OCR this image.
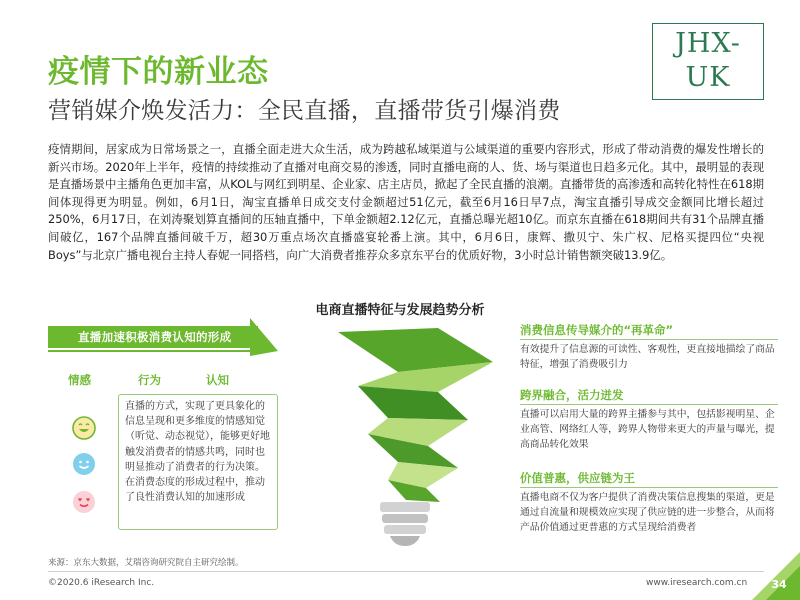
疫情下的新业态
营销媒介焕发活力：全民直播，直播带货引爆消费
JHX-
UK

疫情期间，居家成为日常场景之一，直播全面走进大众生活，成为跨越私域渠道与公域渠道的重要内容形式，形成了带动消费的爆发性增长的新兴市场。2020年上半年，疫情的持续推动了直播对电商交易的渗透，同时直播电商的人、货、场与渠道也日趋多元化。其中，最明显的表现是直播场景中主播角色更加丰富，从KOL与网红到明星、企业家、店主店员，掀起了全民直播的浪潮。直播带货的高渗透和高转化特性在618期间体现得更为明显。例如，6月1日，淘宝直播单日成交支付金额超过51亿元，截至6月16日早7点，淘宝直播引导成交金额同比增长超过250%，6月17日，在刘涛聚划算直播间的压轴直播中，下单金额超2.12亿元，直播总曝光超10亿。而京东直播在618期间共有31个品牌直播间破亿，167个品牌直播间破千万，超30万重点场次直播盛宴轮番上演。其中，6月6日，康辉、撒贝宁、朱广权、尼格买提四位“央视Boys”与北京广播电视台主持人春妮一同搭档，向广大消费者推荐众多京东平台的优质好物，3小时总计销售额突破13.9亿。

电商直播特征与发展趋势分析
直播加速积极消费认知的形成
情感	行为	认知
直播的方式，实现了更具象化的信息呈现和更多维度的情感知觉（听觉、动态视觉），能够更好地触发消费者的情感共鸣，同时也明显推动了消费者的行为决策。在消费态度的形成过程中，推动了良性消费认知的加速形成
消费信息传导媒介的“再革命”
有效提升了信息源的可读性、客观性，更直接地描绘了商品特征，增强了消费吸引力
跨界融合，活力迸发
直播可以启用大量的跨界主播参与其中，包括影视明星、企业高管、网络红人等，跨界人物带来更大的声量与曝光，提高商品转化效果
价值普惠，供应链为王
直播电商不仅为客户提供了消费决策信息搜集的渠道，更是通过自流量和规模效应实现了供应链的进一步整合，从而将产品价值通过更普惠的方式呈现给消费者
来源：京东大数据，艾瑞咨询研究院自主研究绘制。
©2020.6 iResearch Inc.	www.iresearch.com.cn	34
